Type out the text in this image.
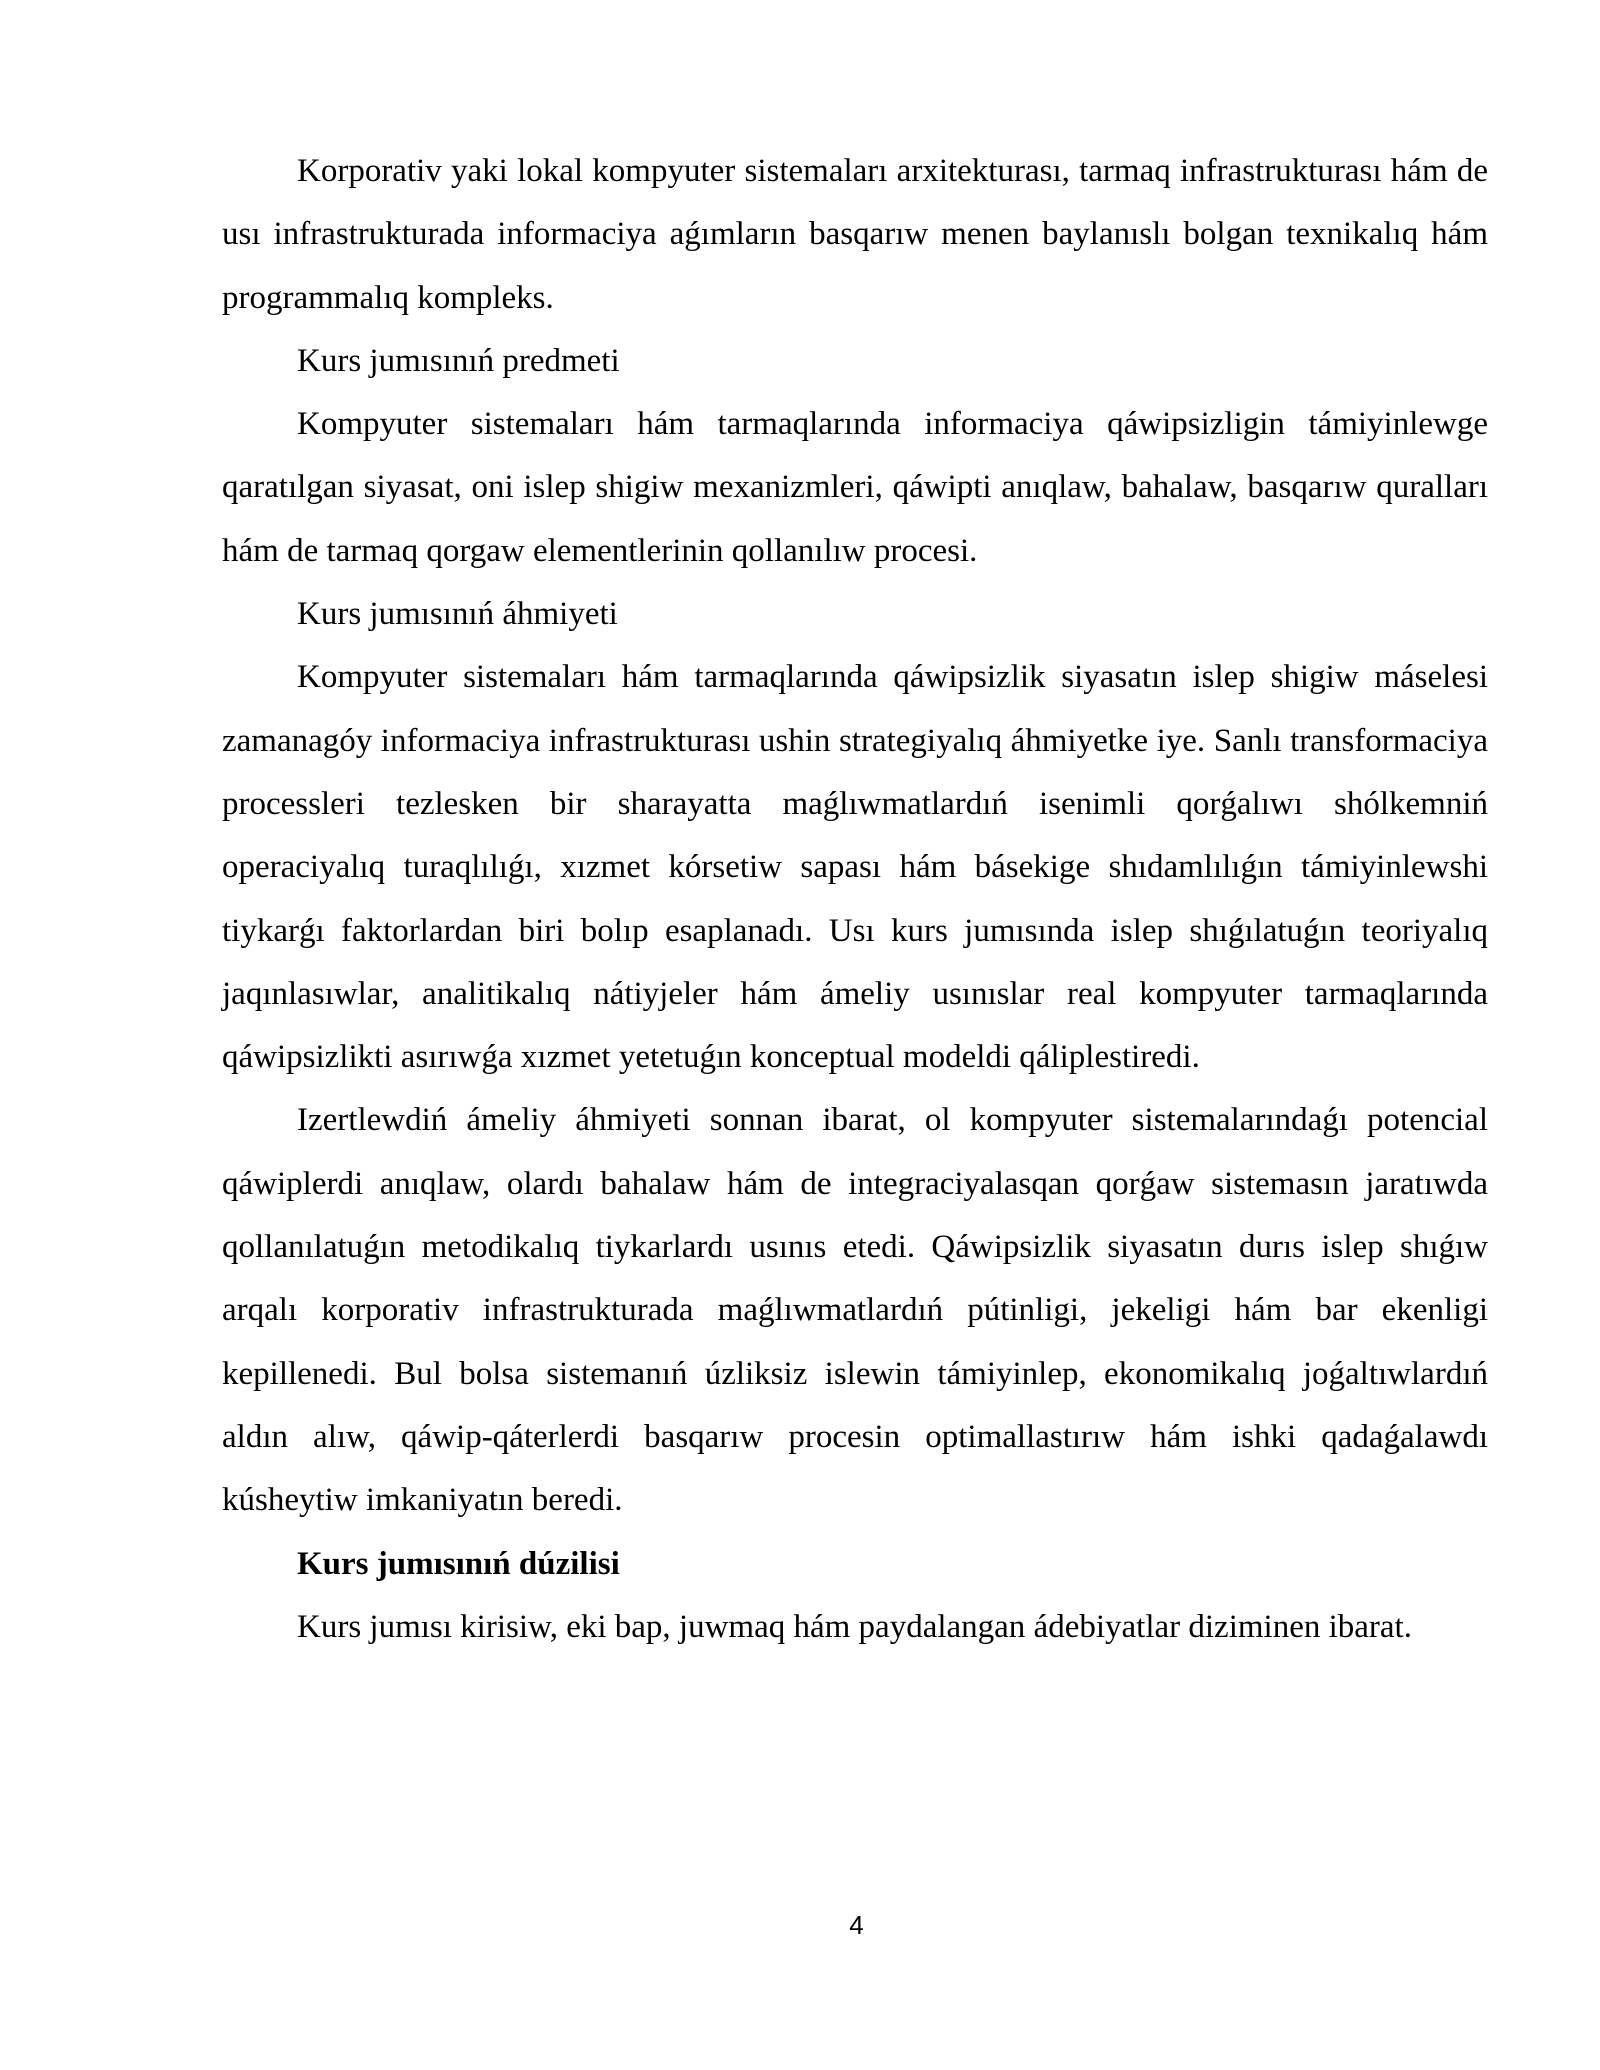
Korporativ yaki lokal kompyuter sistemaları arxitekturası, tarmaq infrastrukturası hám de usı infrastrukturada informaciya aǵımların basqarıw menen baylanıslı bolgan texnikalıq hám programmalıq kompleks.

Kurs jumısınıń predmeti

Kompyuter sistemaları hám tarmaqlarında informaciya qáwipsizligin támiyinlewge qaratılgan siyasat, oni islep shigiw mexanizmleri, qáwipti anıqlaw, bahalaw, basqarıw quralları hám de tarmaq qorgaw elementlerinin qollanılıw procesi.

Kurs jumısınıń áhmiyeti

Kompyuter sistemaları hám tarmaqlarında qáwipsizlik siyasatın islep shigiw máselesi zamanagóy informaciya infrastrukturası ushin strategiyalıq áhmiyetke iye. Sanlı transformaciya processleri tezlesken bir sharayatta maǵlıwmatlardıń isenimli qorǵalıwı shólkemniń operaciyalıq turaqlılıǵı, xızmet kórsetiw sapası hám básekige shıdamlılıǵın támiyinlewshi tiykarǵı faktorlardan biri bolıp esaplanadı. Usı kurs jumısında islep shıǵılatuǵın teoriyalıq jaqınlasıwlar, analitikalıq nátiyjeler hám ámeliy usınıslar real kompyuter tarmaqlarında qáwipsizlikti asırıwǵa xızmet yetetuǵın konceptual modeldi qáliplestiredi.

Izertlewdiń ámeliy áhmiyeti sonnan ibarat, ol kompyuter sistemalarındaǵı potencial qáwiplerdi anıqlaw, olardı bahalaw hám de integraciyalasqan qorǵaw sistemasın jaratıwda qollanılatuǵın metodikalıq tiykarlardı usınıs etedi. Qáwipsizlik siyasatın durıs islep shıǵıw arqalı korporativ infrastrukturada maǵlıwmatlardıń pútinligi, jekeligi hám bar ekenligi kepillenedi. Bul bolsa sistemanıń úzliksiz islewin támiyinlep, ekonomikalıq joǵaltıwlardıń aldın alıw, qáwip-qáterlerdi basqarıw procesin optimallastırıw hám ishki qadaǵalawdı kúsheytiw imkaniyatın beredi.

Kurs jumısınıń dúzilisi

Kurs jumısı kirisiw, eki bap, juwmaq hám paydalangan ádebiyatlar diziminen ibarat.

4
